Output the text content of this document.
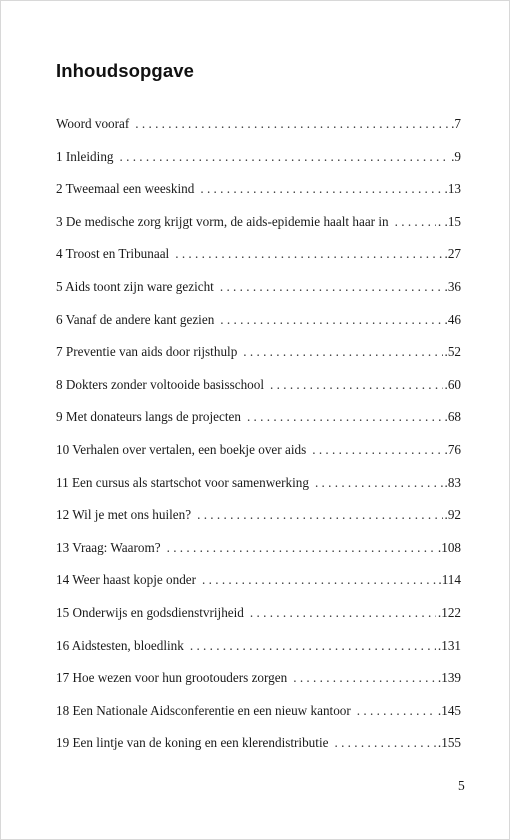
Inhoudsopgave
Woord vooraf . . .	.7
1 Inleiding . . .	.9
2 Tweemaal een weeskind . . .	.13
3 De medische zorg krijgt vorm, de aids-epidemie haalt haar in . . .	. .15
4 Troost en Tribunaal . . .	.27
5 Aids toont zijn ware gezicht . . .	.36
6 Vanaf de andere kant gezien . . .	.46
7 Preventie van aids door rijsthulp . . .	.52
8 Dokters zonder voltooide basisschool . . .	.60
9 Met donateurs langs de projecten . . .	.68
10 Verhalen over vertalen, een boekje over aids . . .	.76
11 Een cursus als startschot voor samenwerking . . .	.83
12 Wil je met ons huilen? . . .	.92
13 Vraag: Waarom? . . .	.108
14 Weer haast kopje onder . . .	.114
15 Onderwijs en godsdienstvrijheid . . .	.122
16 Aidstesten, bloedlink . . .	.131
17 Hoe wezen voor hun grootouders zorgen . . .	.139
18 Een Nationale Aidsconferentie en een nieuw kantoor . . .	.145
19 Een lintje van de koning en een klerendistributie . . .	.155
5
